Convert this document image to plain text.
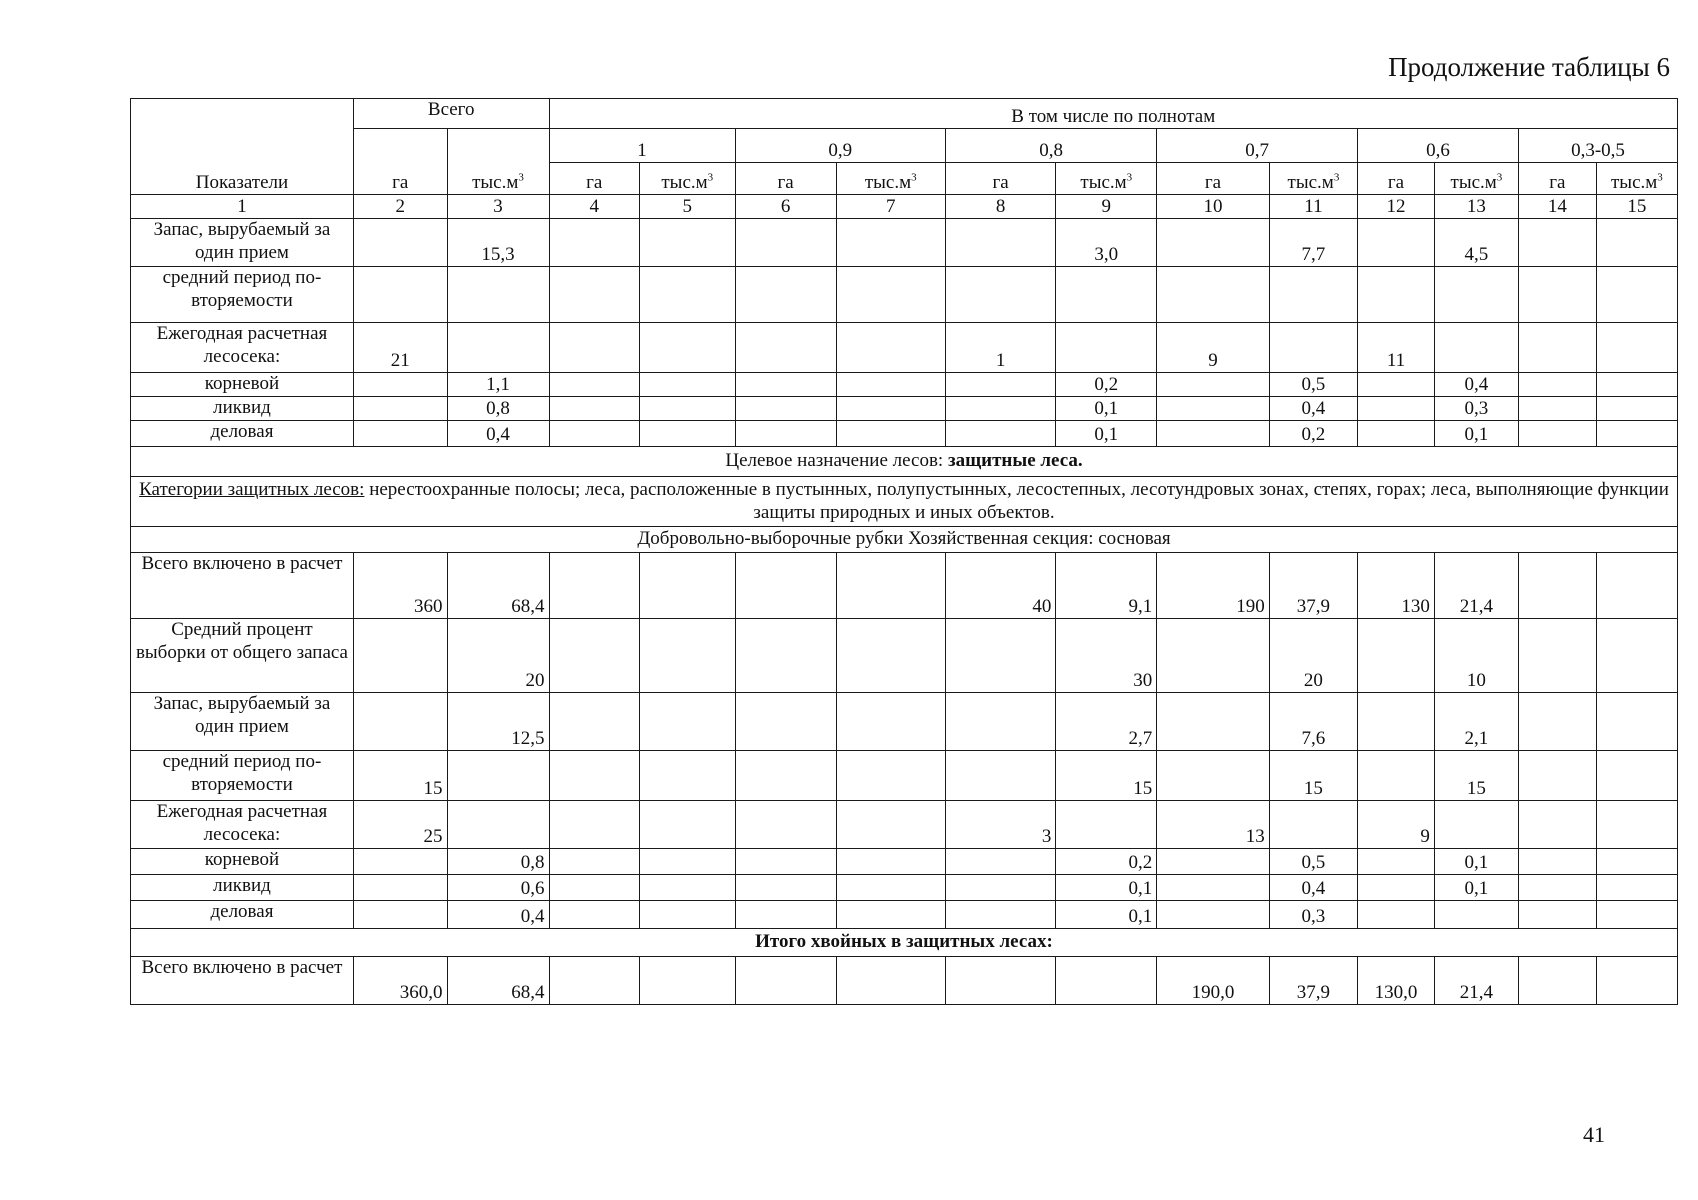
Продолжение таблицы 6
Показатели	Всего		В том числе по полнотам											
	га	$тыс.м^3$	1		0,9		0,8		0,7		0,6		0,3-0,5	
			га	$тыс.м^3$	га	$тыс.м^3$	га	$тыс.м^3$	га	$тыс.м^3$	га	$тыс.м^3$	га	$тыс.м^3$
1	2	3	4	5	6	7	8	9	10	11	12	13	14	15
Запас, вырубаемый за один прием		15,3						3,0		7,7		4,5		
средний период по-вторяемости														
Ежегодная расчетная лесосека:	21						1		9		11			
корневой		1,1						0,2		0,5		0,4		
ликвид		0,8						0,1		0,4		0,3		
деловая		0,4						0,1		0,2		0,1		
Целевое назначение лесов: защитные леса.														
Категории защитных лесов: нерестоохранные полосы; леса, расположенные в пустынных, полупустынных, лесостепных, лесотундровых зонах, степях, горах; леса, выполняющие функции защиты природных и иных объектов.														
Добровольно-выборочные рубки Хозяйственная секция: сосновая														
Всего включено в расчет	360	68,4					40	9,1	190	37,9	130	21,4		
Средний процент выборки от общего запаса		20						30		20		10		
Запас, вырубаемый за один прием		12,5						2,7		7,6		2,1		
средний период по-вторяемости	15							15		15		15		
Ежегодная расчетная лесосека:	25						3		13		9			
корневой		0,8						0,2		0,5		0,1		
ликвид		0,6						0,1		0,4		0,1		
деловая		0,4						0,1		0,3				
Итого хвойных в защитных лесах:														
Всего включено в расчет	360,0	68,4							190,0	37,9	130,0	21,4		
41
